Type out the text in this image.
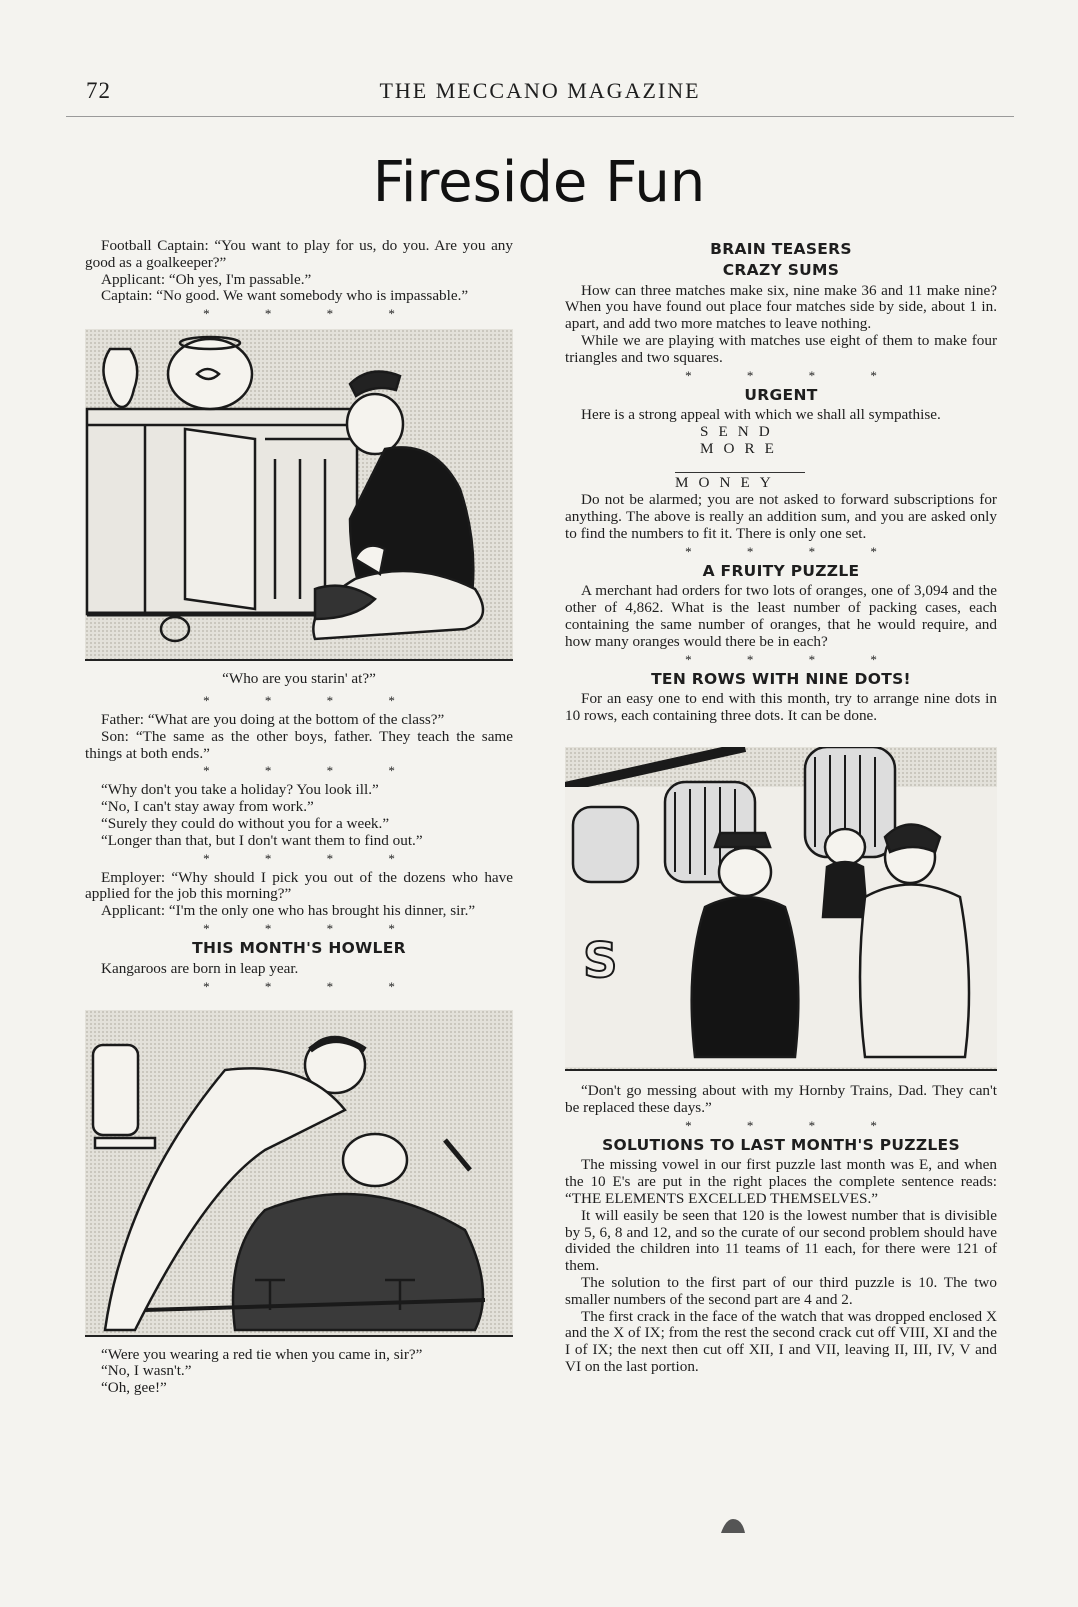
72	THE MECCANO MAGAZINE
Fireside Fun

Football Captain: “You want to play for us, do you. Are you any good as a goalkeeper?”

Applicant: “Oh yes, I'm passable.”

Captain: “No good. We want somebody who is impassable.”

* * * *
“Who are you starin' at?”
* * * *

Father: “What are you doing at the bottom of the class?”

Son: “The same as the other boys, father. They teach the same things at both ends.”

* * * *

“Why don't you take a holiday? You look ill.”

“No, I can't stay away from work.”

“Surely they could do without you for a week.”

“Longer than that, but I don't want them to find out.”

* * * *

Employer: “Why should I pick you out of the dozens who have applied for the job this morning?”

Applicant: “I'm the only one who has brought his dinner, sir.”

* * * *
THIS MONTH'S HOWLER

Kangaroos are born in leap year.

* * * *

“Were you wearing a red tie when you came in, sir?”

“No, I wasn't.”

“Oh, gee!”

BRAIN TEASERS
CRAZY SUMS

How can three matches make six, nine make 36 and 11 make nine? When you have found out place four matches side by side, about 1 in. apart, and add two more matches to leave nothing.

While we are playing with matches use eight of them to make four triangles and two squares.

* * * *
URGENT

Here is a strong appeal with which we shall all sympathise.

SEND
MORE
MONEY

Do not be alarmed; you are not asked to forward subscriptions for anything. The above is really an addition sum, and you are asked only to find the numbers to fit it. There is only one set.

* * * *
A FRUITY PUZZLE

A merchant had orders for two lots of oranges, one of 3,094 and the other of 4,862. What is the least number of packing cases, each containing the same number of oranges, that he would require, and how many oranges would there be in each?

* * * *
TEN ROWS WITH NINE DOTS!

For an easy one to end with this month, try to arrange nine dots in 10 rows, each containing three dots. It can be done.

S

“Don't go messing about with my Hornby Trains, Dad. They can't be replaced these days.”

* * * *
SOLUTIONS TO LAST MONTH'S PUZZLES

The missing vowel in our first puzzle last month was E, and when the 10 E's are put in the right places the complete sentence reads: “THE ELEMENTS EXCELLED THEMSELVES.”

It will easily be seen that 120 is the lowest number that is divisible by 5, 6, 8 and 12, and so the curate of our second problem should have divided the children into 11 teams of 11 each, for there were 121 of them.

The solution to the first part of our third puzzle is 10. The two smaller numbers of the second part are 4 and 2.

The first crack in the face of the watch that was dropped enclosed X and the X of IX; from the rest the second crack cut off VIII, XI and the I of IX; the next then cut off XII, I and VII, leaving II, III, IV, V and VI on the last portion.
